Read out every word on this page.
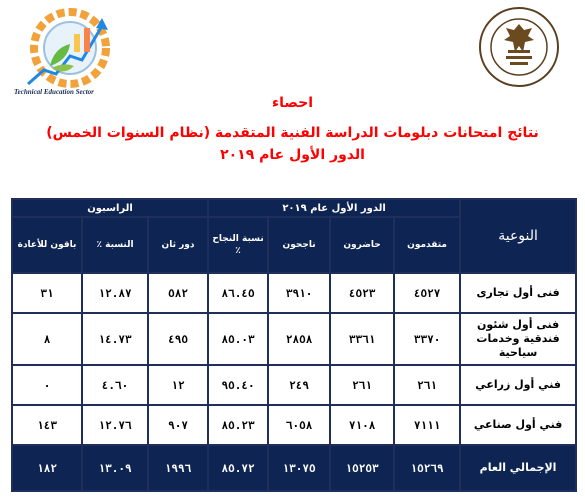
Technical Education Sector

احصاء

نتائج امتحانات دبلومات الدراسة الفنية المتقدمة (نظام السنوات الخمس)

الدور الأول عام ٢٠١٩

النوعية	الدور الأول عام ٢٠١٩				الراسبون		
	متقدمون	حاضرون	ناجحون	نسبة النجاح ٪	دور ثان	النسبة ٪	باقون للأعادة
فنى أول تجارى	٤٥٢٧	٤٥٢٣	٣٩١٠	٨٦.٤٥	٥٨٢	١٢.٨٧	٣١
فنى أول شئون فندقية وخدمات سياحية	٣٣٧٠	٣٣٦١	٢٨٥٨	٨٥.٠٣	٤٩٥	١٤.٧٣	٨
فني أول زراعي	٢٦١	٢٦١	٢٤٩	٩٥.٤٠	١٢	٤.٦٠	٠
فني أول صناعي	٧١١١	٧١٠٨	٦٠٥٨	٨٥.٢٣	٩٠٧	١٢.٧٦	١٤٣
الإجمالي العام	١٥٢٦٩	١٥٢٥٣	١٣٠٧٥	٨٥.٧٢	١٩٩٦	١٣.٠٩	١٨٢
